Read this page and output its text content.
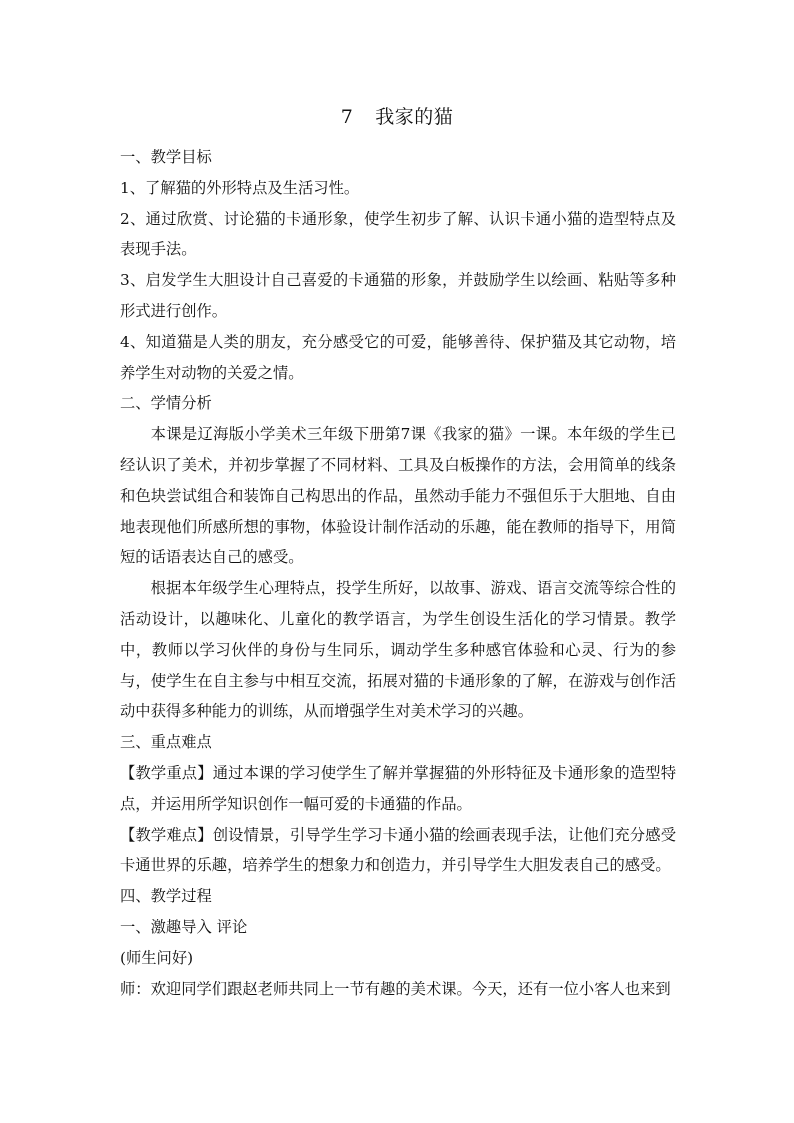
7 我家的猫

一、教学目标

1、了解猫的外形特点及生活习性。

2、通过欣赏、讨论猫的卡通形象，使学生初步了解、认识卡通小猫的造型特点及表现手法。

3、启发学生大胆设计自己喜爱的卡通猫的形象，并鼓励学生以绘画、粘贴等多种形式进行创作。

4、知道猫是人类的朋友，充分感受它的可爱，能够善待、保护猫及其它动物，培养学生对动物的关爱之情。

二、学情分析

本课是辽海版小学美术三年级下册第7课《我家的猫》一课。本年级的学生已经认识了美术，并初步掌握了不同材料、工具及白板操作的方法，会用简单的线条和色块尝试组合和装饰自己构思出的作品，虽然动手能力不强但乐于大胆地、自由地表现他们所感所想的事物，体验设计制作活动的乐趣，能在教师的指导下，用简短的话语表达自己的感受。

根据本年级学生心理特点，投学生所好，以故事、游戏、语言交流等综合性的活动设计，以趣味化、儿童化的教学语言，为学生创设生活化的学习情景。教学中，教师以学习伙伴的身份与生同乐，调动学生多种感官体验和心灵、行为的参与，使学生在自主参与中相互交流，拓展对猫的卡通形象的了解，在游戏与创作活动中获得多种能力的训练，从而增强学生对美术学习的兴趣。

三、重点难点

【教学重点】通过本课的学习使学生了解并掌握猫的外形特征及卡通形象的造型特点，并运用所学知识创作一幅可爱的卡通猫的作品。

【教学难点】创设情景，引导学生学习卡通小猫的绘画表现手法，让他们充分感受卡通世界的乐趣，培养学生的想象力和创造力，并引导学生大胆发表自己的感受。

四、教学过程

一、激趣导入 评论

(师生问好)

师：欢迎同学们跟赵老师共同上一节有趣的美术课。今天，还有一位小客人也来到
